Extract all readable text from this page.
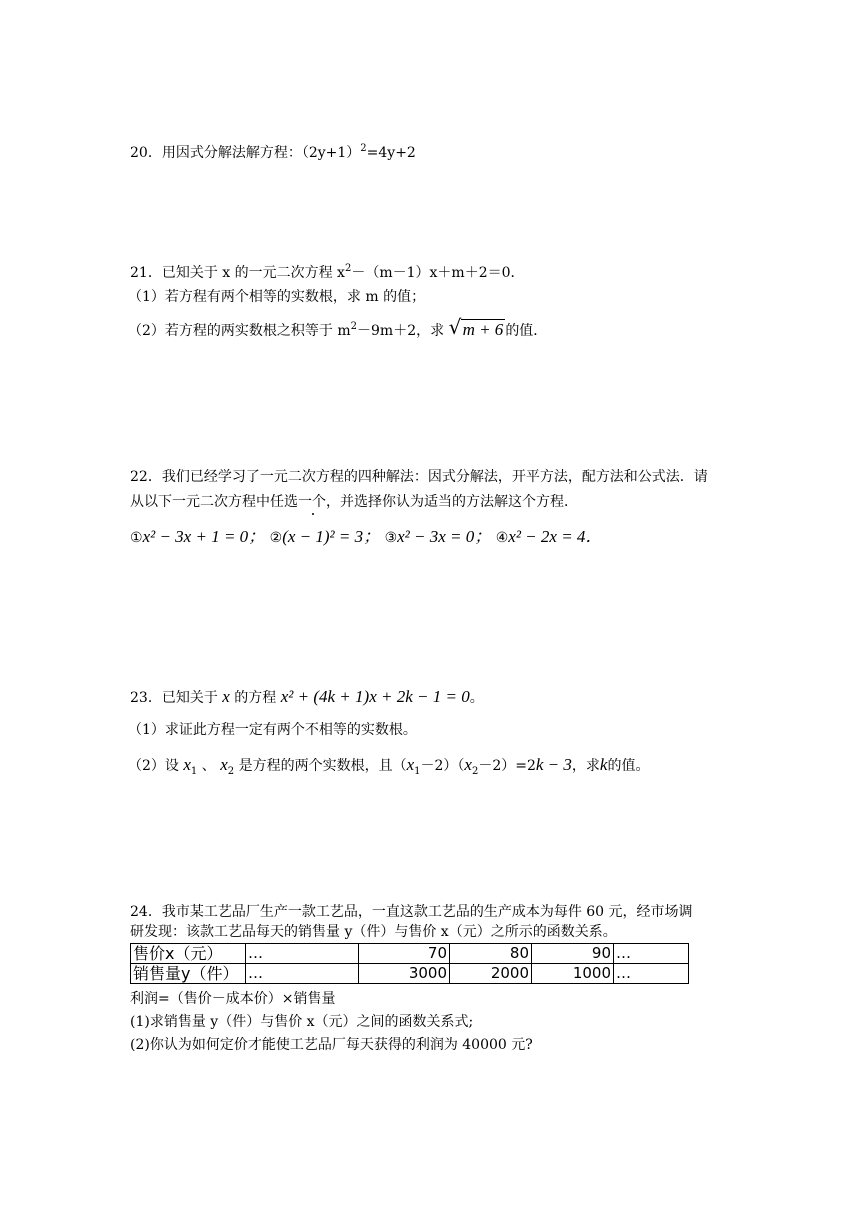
20．用因式分解法解方程：$(2y+1)^2=4y+2$
21．已知关于 x 的一元二次方程 $x^2-(m-1)x+m+2=0$．
（1）若方程有两个相等的实数根，求 m 的值；
（2）若方程的两实数根之积等于 $m^2-9m+2$，求 √ m + 6 的值．
22．我们已经学习了一元二次方程的四种解法：因式分解法，开平方法，配方法和公式法．请
从以下一元二次方程中任选一个，并选择你认为适当的方法解这个方程．
①x² − 3x + 1 = 0； ②(x − 1)² = 3； ③x² − 3x = 0； ④x² − 2x = 4．
23．已知关于 x 的方程 x² + (4k + 1)x + 2k − 1 = 0。
（1）求证此方程一定有两个不相等的实数根。
（2）设 $x_1$ 、 $x_2$ 是方程的两个实数根，且$(x_1-2)(x_2-2)=2k - 3$，求k的值。
24．我市某工艺品厂生产一款工艺品，一直这款工艺品的生产成本为每件 60 元，经市场调
研发现：该款工艺品每天的销售量 y（件）与售价 x（元）之所示的函数关系。
售价x（元）	…	70	80	90	…
销售量y（件）	…	3000	2000	1000	…
利润=（售价－成本价）×销售量
(1)求销售量 y（件）与售价 x（元）之间的函数关系式;
(2)你认为如何定价才能使工艺品厂每天获得的利润为 40000 元?
